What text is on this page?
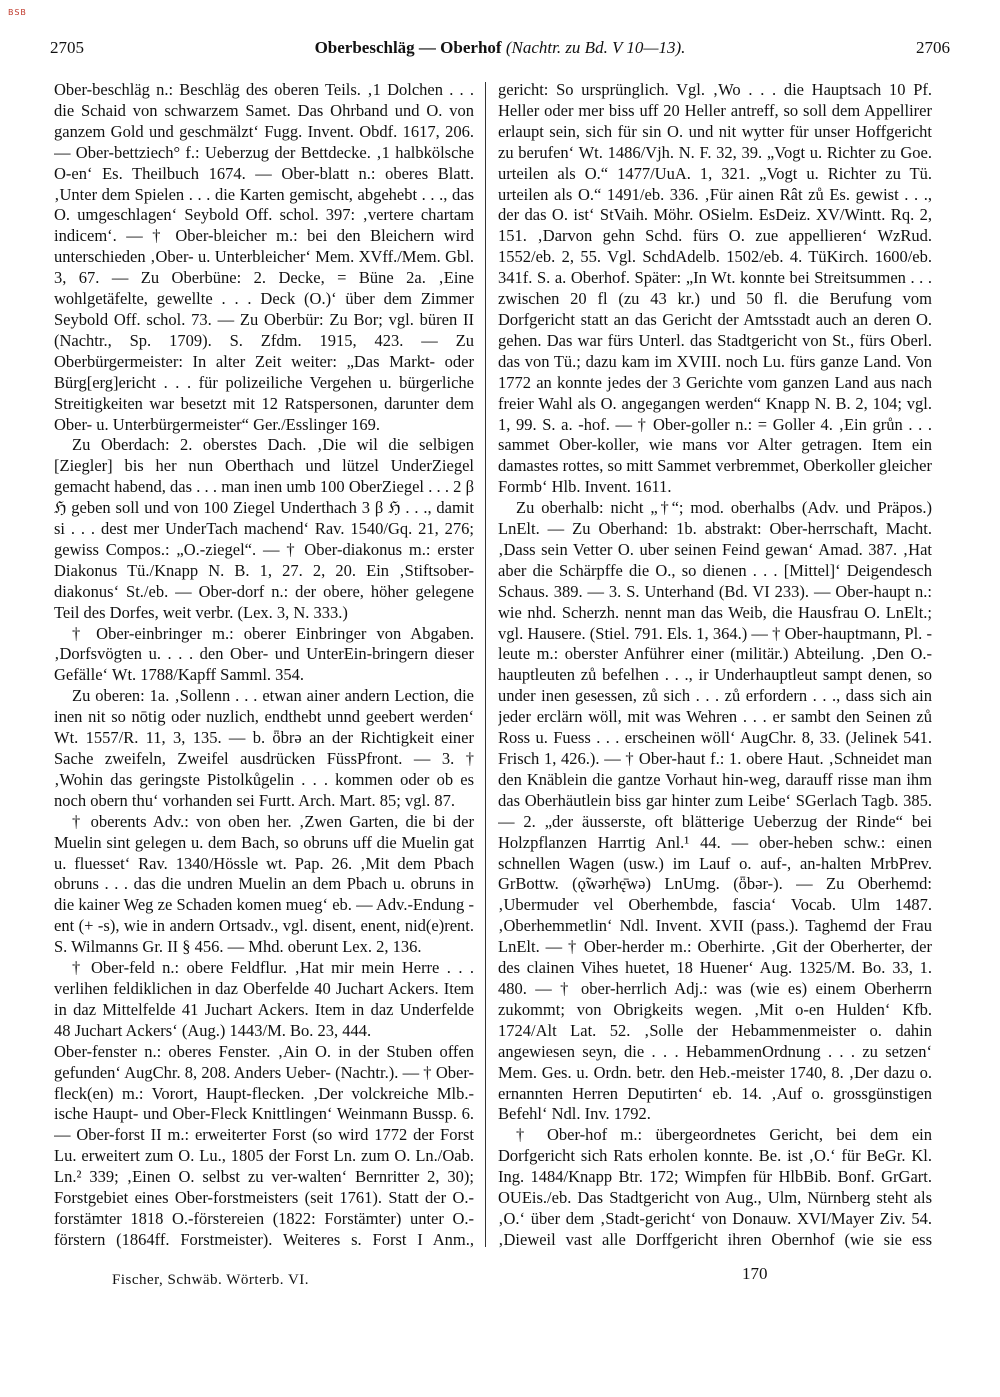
BSB
2705	Oberbeschläg — Oberhof (Nachtr. zu Bd. V 10—13).	2706

Ober-beschläg n.: Beschläg des oberen Teils. ‚1 Dolchen . . . die Schaid von schwarzem Samet. Das Ohrband und O. von ganzem Gold und geschmälzt‘ Fugg. Invent. Obdf. 1617, 206. — Ober-bettziech° f.: Ueberzug der Bettdecke. ‚1 halbkölsche O-en‘ Es. Theilbuch 1674. — Ober-blatt n.: oberes Blatt. ‚Unter dem Spielen . . . die Karten gemischt, abgehebt . . ., das O. umgeschlagen‘ Seybold Off. schol. 397: ‚vertere chartam indicem‘. — † Ober-bleicher m.: bei den Bleichern wird unterschieden ‚Ober- u. Unterbleicher‘ Mem. XVff./Mem. Gbl. 3, 67. — Zu Oberbüne: 2. Decke, = Büne 2a. ‚Eine wohlgetäfelte, gewellte . . . Deck (O.)‘ über dem Zimmer Seybold Off. schol. 73. — Zu Oberbür: Zu Bor; vgl. büren II (Nachtr., Sp. 1709). S. Zfdm. 1915, 423. — Zu Oberbürgermeister: In alter Zeit weiter: „Das Markt- oder Bürg[erg]ericht . . . für polizeiliche Vergehen u. bürgerliche Streitigkeiten war besetzt mit 12 Ratspersonen, darunter dem Ober- u. Unterbürgermeister“ Ger./Esslinger 169.

Zu Oberdach: 2. oberstes Dach. ‚Die wil die selbigen [Ziegler] bis her nun Oberthach und lützel UnderZiegel gemacht habend, das . . . man inen umb 100 OberZiegel . . . 2 β ℌ geben soll und von 100 Ziegel Underthach 3 β ℌ . . ., damit si . . . dest mer UnderTach machend‘ Rav. 1540/Gq. 21, 276; gewiss Compos.: „O.-ziegel“. — † Ober-diakonus m.: erster Diakonus Tü./Knapp N. B. 1, 27. 2, 20. Ein ‚Stiftsober-diakonus‘ St./eb. — Ober-dorf n.: der obere, höher gelegene Teil des Dorfes, weit verbr. (Lex. 3, N. 333.)

† Ober-einbringer m.: oberer Einbringer von Abgaben. ‚Dorfsvögten u. . . . den Ober- und UnterEin-bringern dieser Gefälle‘ Wt. 1788/Kapff Samml. 354.

Zu oberen: 1a. ‚Sollenn . . . etwan ainer andern Lection, die inen nit so nōtig oder nuzlich, endthebt unnd geebert werden‘ Wt. 1557/R. 11, 3, 135. — b. ȫbrə an der Richtigkeit einer Sache zweifeln, Zweifel ausdrücken FüssPfront. — 3. † ‚Wohin das geringste Pistolkůgelin . . . kommen oder ob es noch obern thu‘ vorhanden sei Furtt. Arch. Mart. 85; vgl. 87.

† oberents Adv.: von oben her. ‚Zwen Garten, die bi der Muelin sint gelegen u. dem Bach, so obruns uff die Muelin gat u. fluesset‘ Rav. 1340/Hössle wt. Pap. 26. ‚Mit dem Pbach obruns . . . das die undren Muelin an dem Pbach u. obruns in die kainer Weg ze Schaden komen mueg‘ eb. — Adv.-Endung -ent (+ -s), wie in andern Ortsadv., vgl. disent, enent, nid(e)rent. S. Wilmanns Gr. II § 456. — Mhd. oberunt Lex. 2, 136.

† Ober-feld n.: obere Feldflur. ‚Hat mir mein Herre . . . verlihen feldiklichen in daz Oberfelde 40 Juchart Ackers. Item in daz Mittelfelde 41 Juchart Ackers. Item in daz Underfelde 48 Juchart Ackers‘ (Aug.) 1443/M. Bo. 23, 444.

Ober-fenster n.: oberes Fenster. ‚Ain O. in der Stuben offen gefunden‘ AugChr. 8, 208. Anders Ueber- (Nachtr.). — † Ober-fleck(en) m.: Vorort, Haupt-flecken. ‚Der volckreiche Mlb.-ische Haupt- und Ober-Fleck Knittlingen‘ Weinmann Bussp. 6. — Ober-forst II m.: erweiterter Forst (so wird 1772 der Forst Lu. erweitert zum O. Lu., 1805 der Forst Ln. zum O. Ln./Oab. Ln.² 339; ‚Einen O. selbst zu ver-walten‘ Bernritter 2, 30); Forstgebiet eines Ober-forstmeisters (seit 1761). Statt der O.-forstämter 1818 O.-förstereien (1822: Forstämter) unter O.-förstern (1864ff. Forstmeister). Weiteres s. Forst I Anm.,

gericht: So ursprünglich. Vgl. ‚Wo . . . die Hauptsach 10 Pf. Heller oder mer biss uff 20 Heller antreff, so soll dem Appellirer erlaupt sein, sich für sin O. und nit wytter für unser Hoffgericht zu berufen‘ Wt. 1486/Vjh. N. F. 32, 39. „Vogt u. Richter zu Goe. urteilen als O.“ 1477/UuA. 1, 321. „Vogt u. Richter zu Tü. urteilen als O.“ 1491/eb. 336. ‚Für ainen Rât zů Es. gewist . . ., der das O. ist‘ StVaih. Möhr. OSielm. EsDeiz. XV/Wintt. Rq. 2, 151. ‚Darvon gehn Schd. fürs O. zue appellieren‘ WzRud. 1552/eb. 2, 55. Vgl. SchdAdelb. 1502/eb. 4. TüKirch. 1600/eb. 341f. S. a. Oberhof. Später: „In Wt. konnte bei Streitsummen . . . zwischen 20 fl (zu 43 kr.) und 50 fl. die Berufung vom Dorfgericht statt an das Gericht der Amtsstadt auch an deren O. gehen. Das war fürs Unterl. das Stadtgericht von St., fürs Oberl. das von Tü.; dazu kam im XVIII. noch Lu. fürs ganze Land. Von 1772 an konnte jedes der 3 Gerichte vom ganzen Land aus nach freier Wahl als O. angegangen werden“ Knapp N. B. 2, 104; vgl. 1, 99. S. a. -hof. — † Ober-goller n.: = Goller 4. ‚Ein grůn . . . sammet Ober-koller, wie mans vor Alter getragen. Item ein damastes rottes, so mitt Sammet verbremmet, Oberkoller gleicher Formb‘ Hlb. Invent. 1611.

Zu oberhalb: nicht „†“; mod. oberhalbs (Adv. und Präpos.) LnElt. — Zu Oberhand: 1b. abstrakt: Ober-herrschaft, Macht. ‚Dass sein Vetter O. uber seinen Feind gewan‘ Amad. 387. ‚Hat aber die Schärpffe die O., so dienen . . . [Mittel]‘ Deigendesch Schaus. 389. — 3. S. Unterhand (Bd. VI 233). — Ober-haupt n.: wie nhd. Scherzh. nennt man das Weib, die Hausfrau O. LnElt.; vgl. Hausere. (Stiel. 791. Els. 1, 364.) — † Ober-hauptmann, Pl. -leute m.: oberster Anführer einer (militär.) Abteilung. ‚Den O.-hauptleuten zů befelhen . . ., ir Underhauptleut sampt denen, so under inen gesessen, zů sich . . . zů erfordern . . ., dass sich ain jeder erclärn wöll, mit was Wehren . . . er sambt den Seinen zů Ross u. Fuess . . . erscheinen wöll‘ AugChr. 8, 33. (Jelinek 541. Frisch 1, 426.). — † Ober-haut f.: 1. obere Haut. ‚Schneidet man den Knäblein die gantze Vorhaut hin-weg, darauff risse man ihm das Oberhäutlein biss gar hinter zum Leibe‘ SGerlach Tagb. 385. — 2. „der äusserste, oft blätterige Ueberzug der Rinde“ bei Holzpflanzen Harrtig Anl.¹ 44. — ober-heben schw.: einen schnellen Wagen (usw.) im Lauf o. auf-, an-halten MrbPrev. GrBottw. (ǫ̃wərhę̄wə) LnUmg. (ȫbər-). — Zu Oberhemd: ‚Ubermuder vel Oberhembde, fascia‘ Vocab. Ulm 1487. ‚Oberhemmetlin‘ Ndl. Invent. XVII (pass.). Taghemd der Frau LnElt. — † Ober-herder m.: Oberhirte. ‚Git der Oberherter, der des clainen Vihes huetet, 18 Huener‘ Aug. 1325/M. Bo. 33, 1. 480. — † ober-herrlich Adj.: was (wie es) einem Oberherrn zukommt; von Obrigkeits wegen. ‚Mit o-en Hulden‘ Kfb. 1724/Alt Lat. 52. ‚Solle der Hebammenmeister o. dahin angewiesen seyn, die . . . HebammenOrdnung . . . zu setzen‘ Mem. Ges. u. Ordn. betr. den Heb.-meister 1740, 8. ‚Der dazu o. ernannten Herren Deputirten‘ eb. 14. ‚Auf o. grossgünstigen Befehl‘ Ndl. Inv. 1792.

† Ober-hof m.: übergeordnetes Gericht, bei dem ein Dorfgericht sich Rats erholen konnte. Be. ist ‚O.‘ für BeGr. Kl. Ing. 1484/Knapp Btr. 172; Wimpfen für HlbBib. Bonf. GrGart. OUEis./eb. Das Stadtgericht von Aug., Ulm, Nürnberg steht als ‚O.‘ über dem ‚Stadt-gericht‘ von Donauw. XVI/Mayer Ziv. 54. ‚Dieweil vast alle Dorffgericht ihren Obernhof (wie sie ess

Fischer, Schwäb. Wörterb. VI.	170
